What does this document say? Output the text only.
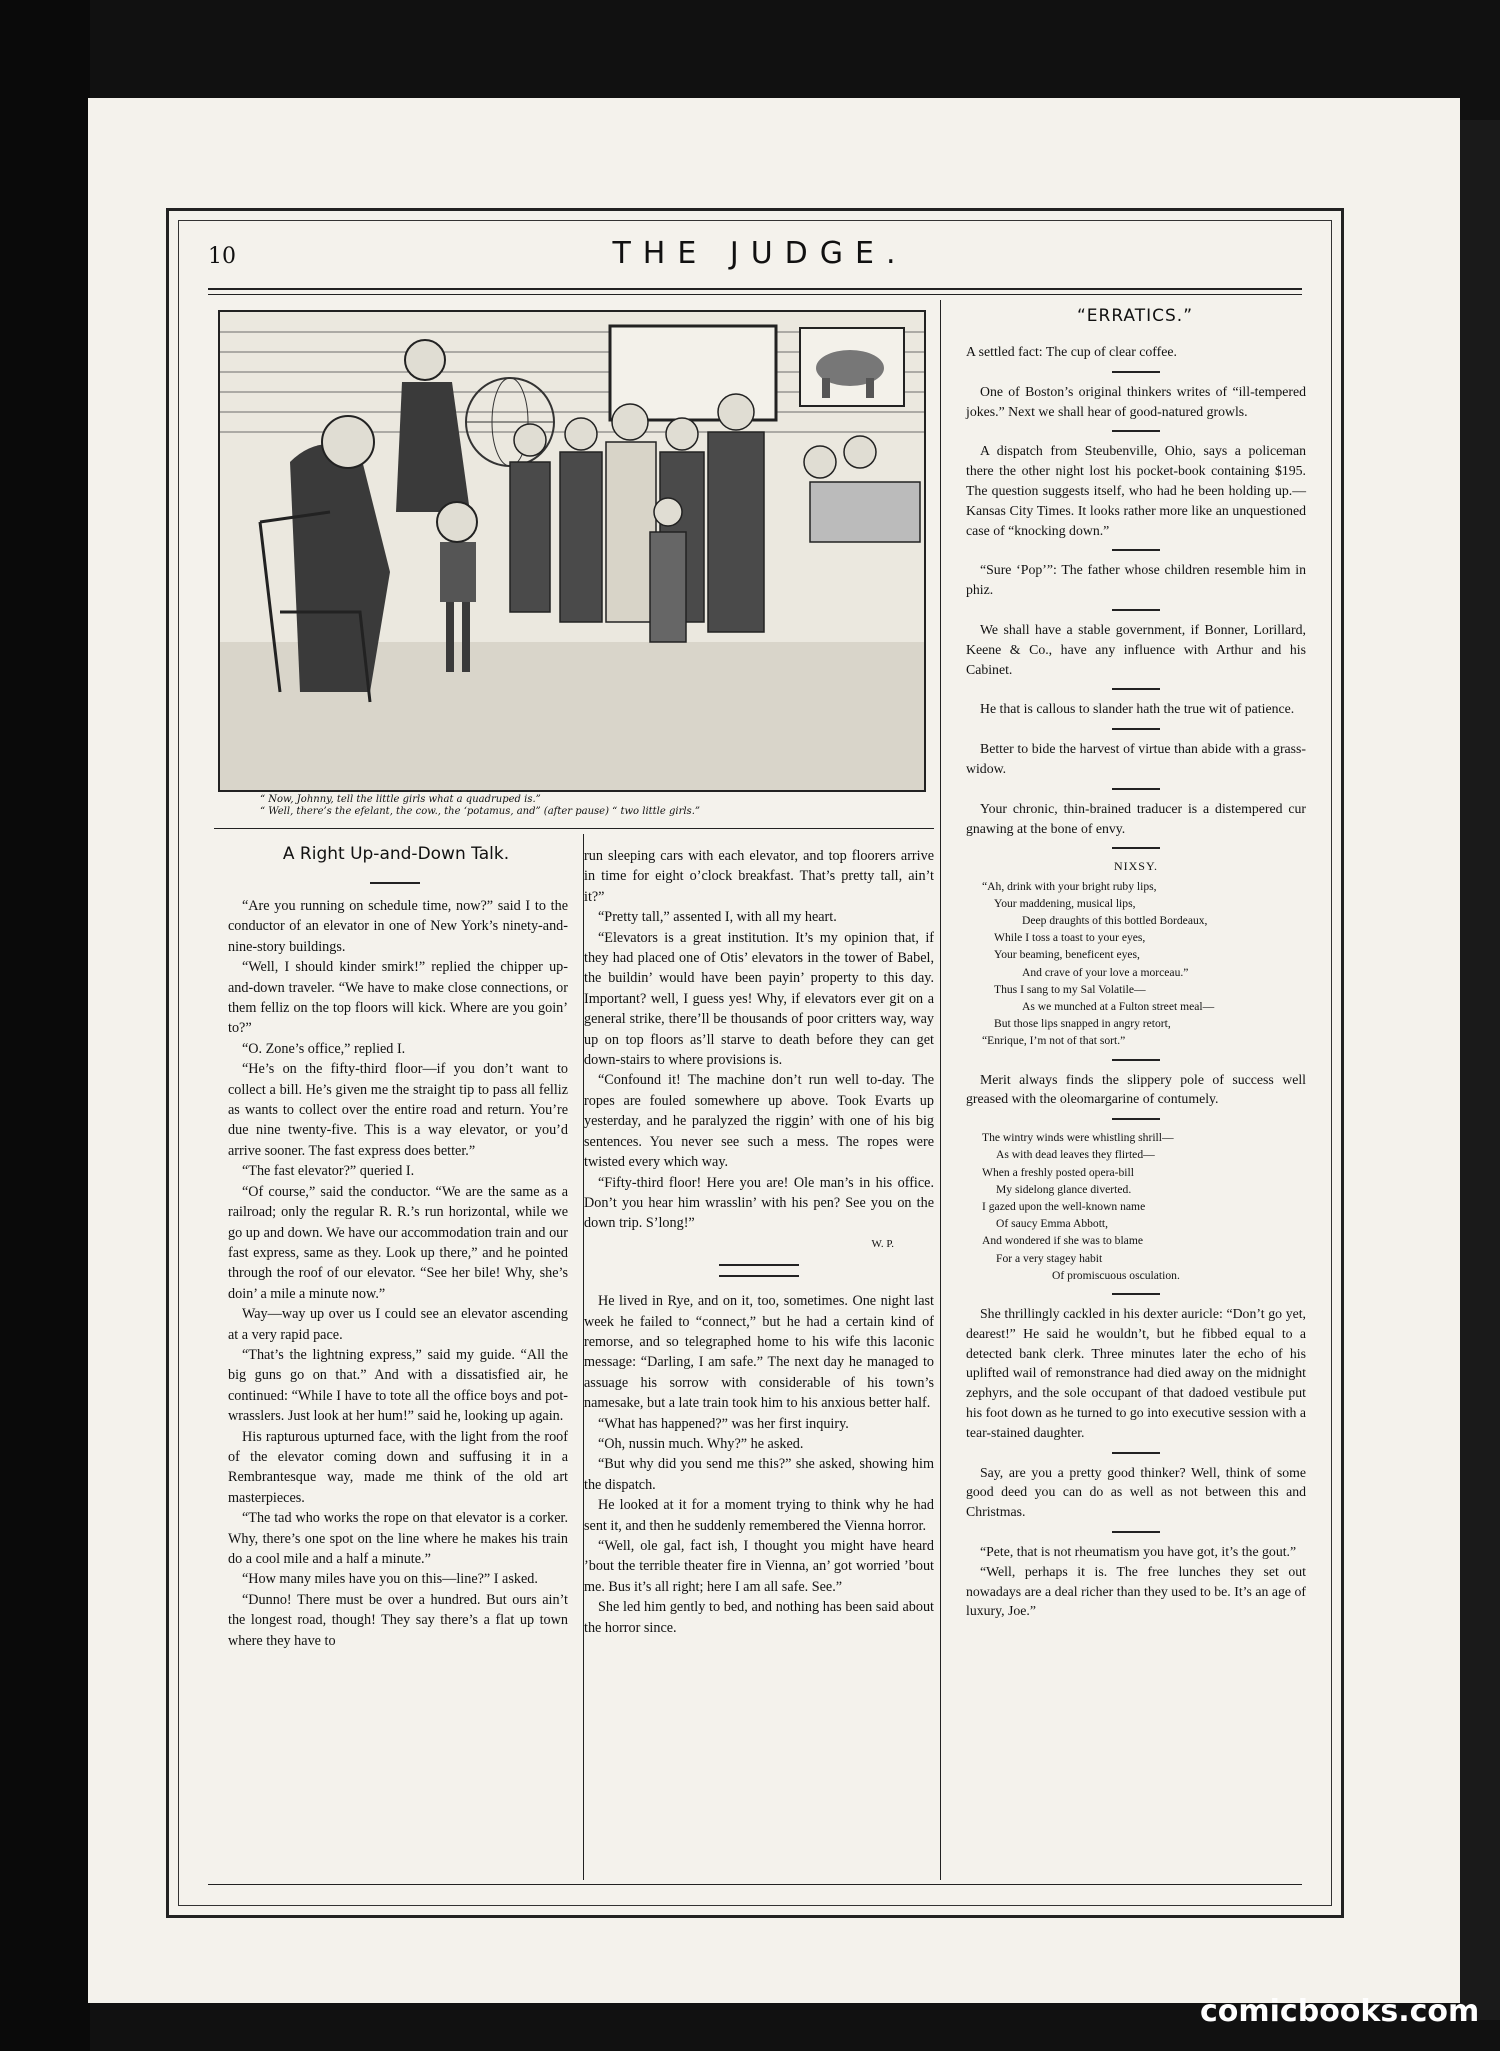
10	THE JUDGE.
“ Now, Johnny, tell the little girls what a quadruped is.”
“ Well, there’s the efelant, the cow., the ‘potamus, and” (after pause) “ two little girls.”
A Right Up-and-Down Talk.

“Are you running on schedule time, now?” said I to the conductor of an elevator in one of New York’s ninety-and-nine-story buildings.

“Well, I should kinder smirk!” replied the chipper up-and-down traveler. “We have to make close connections, or them felliz on the top floors will kick. Where are you goin’ to?”

“O. Zone’s office,” replied I.

“He’s on the fifty-third floor—if you don’t want to collect a bill. He’s given me the straight tip to pass all felliz as wants to collect over the entire road and return. You’re due nine twenty-five. This is a way elevator, or you’d arrive sooner. The fast express does better.”

“The fast elevator?” queried I.

“Of course,” said the conductor. “We are the same as a railroad; only the regular R. R.’s run horizontal, while we go up and down. We have our accommodation train and our fast express, same as they. Look up there,” and he pointed through the roof of our elevator. “See her bile! Why, she’s doin’ a mile a minute now.”

Way—way up over us I could see an elevator ascending at a very rapid pace.

“That’s the lightning express,” said my guide. “All the big guns go on that.” And with a dissatisfied air, he continued: “While I have to tote all the office boys and pot-wrasslers. Just look at her hum!” said he, looking up again.

His rapturous upturned face, with the light from the roof of the elevator coming down and suffusing it in a Rembrantesque way, made me think of the old art masterpieces.

“The tad who works the rope on that elevator is a corker. Why, there’s one spot on the line where he makes his train do a cool mile and a half a minute.”

“How many miles have you on this—line?” I asked.

“Dunno! There must be over a hundred. But ours ain’t the longest road, though! They say there’s a flat up town where they have to

run sleeping cars with each elevator, and top floorers arrive in time for eight o’clock breakfast. That’s pretty tall, ain’t it?”

“Pretty tall,” assented I, with all my heart.

“Elevators is a great institution. It’s my opinion that, if they had placed one of Otis’ elevators in the tower of Babel, the buildin’ would have been payin’ property to this day. Important? well, I guess yes! Why, if elevators ever git on a general strike, there’ll be thousands of poor critters way, way up on top floors as’ll starve to death before they can get down-stairs to where provisions is.

“Confound it! The machine don’t run well to-day. The ropes are fouled somewhere up above. Took Evarts up yesterday, and he paralyzed the riggin’ with one of his big sentences. You never see such a mess. The ropes were twisted every which way.

“Fifty-third floor! Here you are! Ole man’s in his office. Don’t you hear him wrasslin’ with his pen? See you on the down trip. S’long!”

W. P.

He lived in Rye, and on it, too, sometimes. One night last week he failed to “connect,” but he had a certain kind of remorse, and so telegraphed home to his wife this laconic message: “Darling, I am safe.” The next day he managed to assuage his sorrow with considerable of his town’s namesake, but a late train took him to his anxious better half.

“What has happened?” was her first inquiry.

“Oh, nussin much. Why?” he asked.

“But why did you send me this?” she asked, showing him the dispatch.

He looked at it for a moment trying to think why he had sent it, and then he suddenly remembered the Vienna horror.

“Well, ole gal, fact ish, I thought you might have heard ’bout the terrible theater fire in Vienna, an’ got worried ’bout me. Bus it’s all right; here I am all safe. See.”

She led him gently to bed, and nothing has been said about the horror since.

“ERRATICS.”

A settled fact: The cup of clear coffee.

One of Boston’s original thinkers writes of “ill-tempered jokes.” Next we shall hear of good-natured growls.

A dispatch from Steubenville, Ohio, says a policeman there the other night lost his pocket-book containing $195. The question suggests itself, who had he been holding up.—Kansas City Times. It looks rather more like an unquestioned case of “knocking down.”

“Sure ‘Pop’”: The father whose children resemble him in phiz.

We shall have a stable government, if Bonner, Lorillard, Keene & Co., have any influence with Arthur and his Cabinet.

He that is callous to slander hath the true wit of patience.

Better to bide the harvest of virtue than abide with a grass-widow.

Your chronic, thin-brained traducer is a distempered cur gnawing at the bone of envy.

NIXSY.
“Ah, drink with your bright ruby lips,
Your maddening, musical lips,
Deep draughts of this bottled Bordeaux,
While I toss a toast to your eyes,
Your beaming, beneficent eyes,
And crave of your love a morceau.”
Thus I sang to my Sal Volatile—
As we munched at a Fulton street meal—
But those lips snapped in angry retort,
“Enrique, I’m not of that sort.”

Merit always finds the slippery pole of success well greased with the oleomargarine of contumely.

The wintry winds were whistling shrill—
As with dead leaves they flirted—
When a freshly posted opera-bill
My sidelong glance diverted.
I gazed upon the well-known name
Of saucy Emma Abbott,
And wondered if she was to blame
For a very stagey habit
Of promiscuous osculation.

She thrillingly cackled in his dexter auricle: “Don’t go yet, dearest!” He said he wouldn’t, but he fibbed equal to a detected bank clerk. Three minutes later the echo of his uplifted wail of remonstrance had died away on the midnight zephyrs, and the sole occupant of that dadoed vestibule put his foot down as he turned to go into executive session with a tear-stained daughter.

Say, are you a pretty good thinker? Well, think of some good deed you can do as well as not between this and Christmas.

“Pete, that is not rheumatism you have got, it’s the gout.”

“Well, perhaps it is. The free lunches they set out nowadays are a deal richer than they used to be. It’s an age of luxury, Joe.”

comicbooks.com
